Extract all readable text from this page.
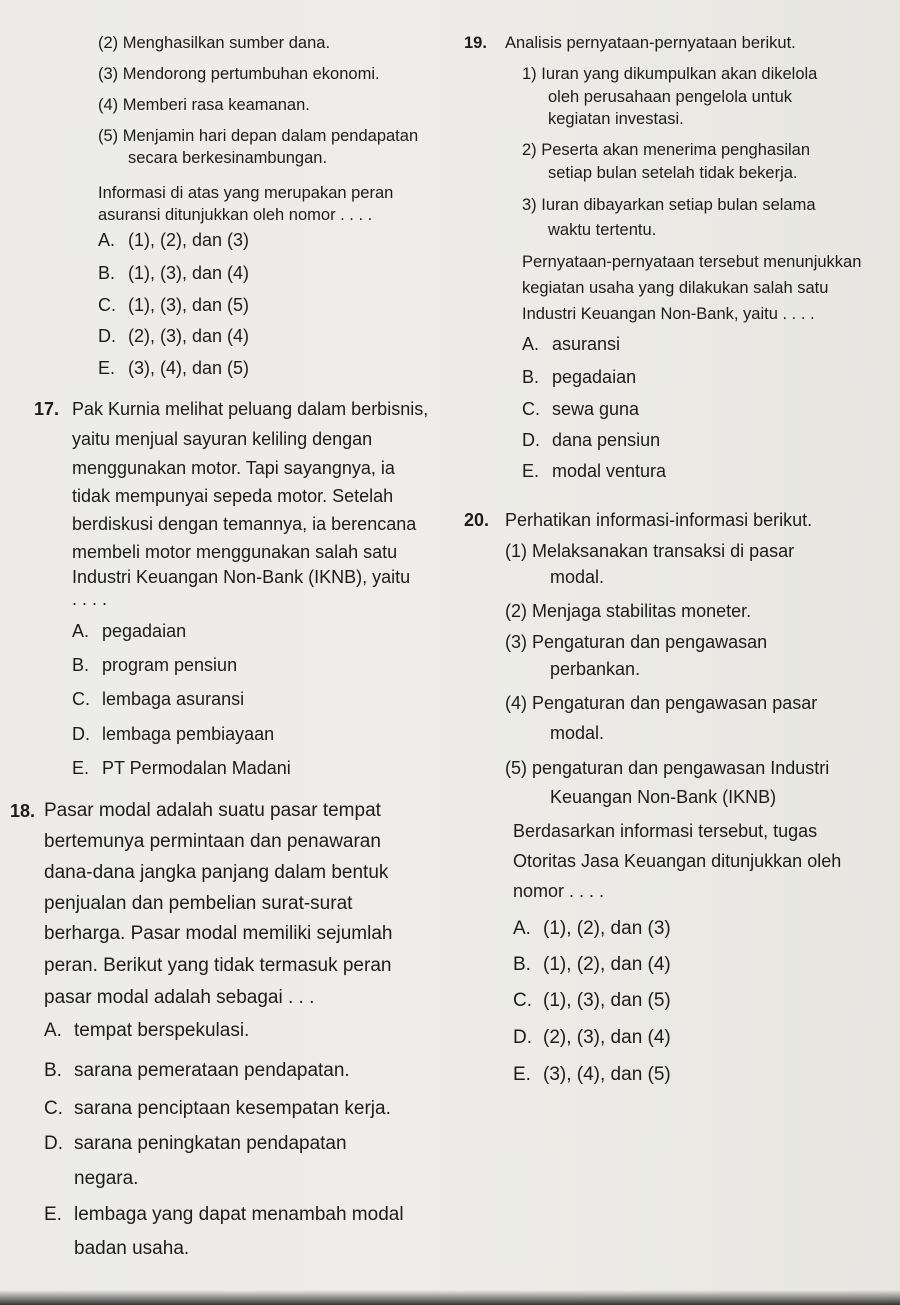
(2) Menghasilkan sumber dana.
(3) Mendorong pertumbuhan ekonomi.
(4) Memberi rasa keamanan.
(5) Menjamin hari depan dalam pendapatan
secara berkesinambungan.
Informasi di atas yang merupakan peran
asuransi ditunjukkan oleh nomor . . . .
A. (1), (2), dan (3)
B. (1), (3), dan (4)
C. (1), (3), dan (5)
D. (2), (3), dan (4)
E. (3), (4), dan (5)
17. Pak Kurnia melihat peluang dalam berbisnis,
yaitu menjual sayuran keliling dengan
menggunakan motor. Tapi sayangnya, ia
tidak mempunyai sepeda motor. Setelah
berdiskusi dengan temannya, ia berencana
membeli motor menggunakan salah satu
Industri Keuangan Non-Bank (IKNB), yaitu
. . . .
A. pegadaian
B. program pensiun
C. lembaga asuransi
D. lembaga pembiayaan
E. PT Permodalan Madani
18. Pasar modal adalah suatu pasar tempat
bertemunya permintaan dan penawaran
dana-dana jangka panjang dalam bentuk
penjualan dan pembelian surat-surat
berharga. Pasar modal memiliki sejumlah
peran. Berikut yang tidak termasuk peran
pasar modal adalah sebagai . . .
A. tempat berspekulasi.
B. sarana pemerataan pendapatan.
C. sarana penciptaan kesempatan kerja.
D. sarana peningkatan pendapatan
negara.
E. lembaga yang dapat menambah modal
badan usaha.
19. Analisis pernyataan-pernyataan berikut.
1) Iuran yang dikumpulkan akan dikelola
oleh perusahaan pengelola untuk
kegiatan investasi.
2) Peserta akan menerima penghasilan
setiap bulan setelah tidak bekerja.
3) Iuran dibayarkan setiap bulan selama
waktu tertentu.
Pernyataan-pernyataan tersebut menunjukkan
kegiatan usaha yang dilakukan salah satu
Industri Keuangan Non-Bank, yaitu . . . .
A. asuransi
B. pegadaian
C. sewa guna
D. dana pensiun
E. modal ventura
20. Perhatikan informasi-informasi berikut.
(1) Melaksanakan transaksi di pasar
modal.
(2) Menjaga stabilitas moneter.
(3) Pengaturan dan pengawasan
perbankan.
(4) Pengaturan dan pengawasan pasar
modal.
(5) pengaturan dan pengawasan Industri
Keuangan Non-Bank (IKNB)
Berdasarkan informasi tersebut, tugas
Otoritas Jasa Keuangan ditunjukkan oleh
nomor . . . .
A. (1), (2), dan (3)
B. (1), (2), dan (4)
C. (1), (3), dan (5)
D. (2), (3), dan (4)
E. (3), (4), dan (5)
